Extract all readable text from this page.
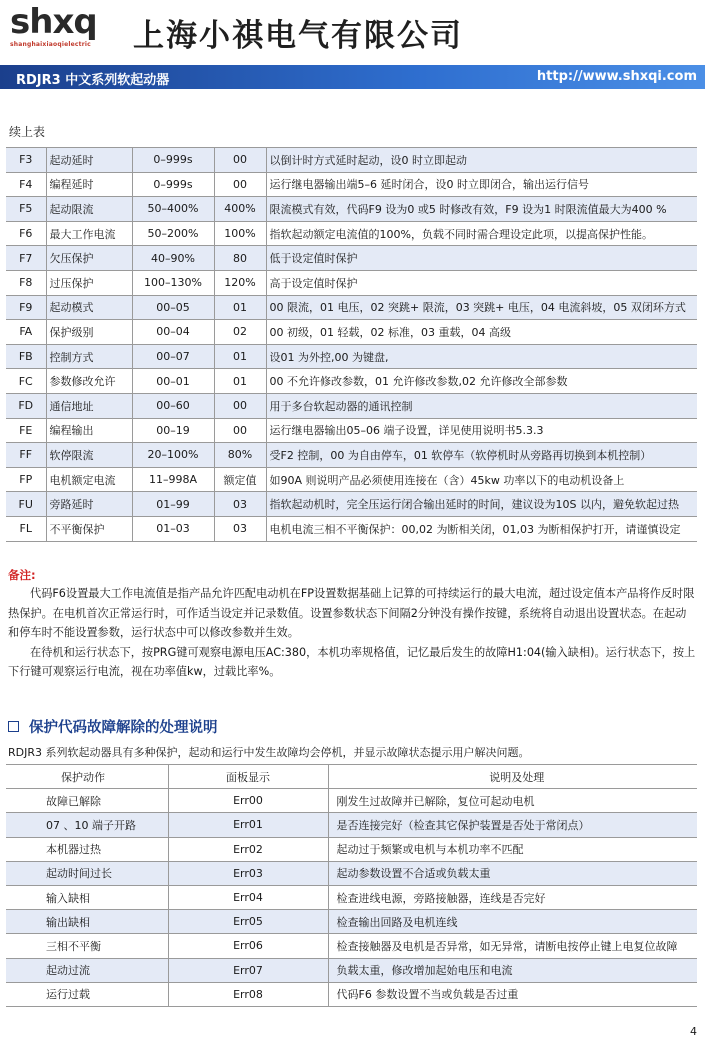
shxq
shanghaixiaoqielectric 上海小祺电气有限公司
RDJR3 中文系列软起动器	http://www.shxqi.com
续上表
F3	起动延时	0–999s	00	以倒计时方式延时起动，设0 时立即起动
F4	编程延时	0–999s	00	运行继电器输出端5–6 延时闭合，设0 时立即闭合，输出运行信号
F5	起动限流	50–400%	400%	限流模式有效，代码F9 设为0 或5 时修改有效，F9 设为1 时限流值最大为400 %
F6	最大工作电流	50–200%	100%	指软起动额定电流值的100%，负载不同时需合理设定此项，以提高保护性能。
F7	欠压保护	40–90%	80	低于设定值时保护
F8	过压保护	100–130%	120%	高于设定值时保护
F9	起动模式	00–05	01	00 限流，01 电压，02 突跳+ 限流，03 突跳+ 电压，04 电流斜坡，05 双闭环方式
FA	保护级别	00–04	02	00 初级，01 轻载，02 标准，03 重载，04 高级
FB	控制方式	00–07	01	设01 为外控,00 为键盘,
FC	参数修改允许	00–01	01	00 不允许修改参数，01 允许修改参数,02 允许修改全部参数
FD	通信地址	00–60	00	用于多台软起动器的通讯控制
FE	编程输出	00–19	00	运行继电器输出05–06 端子设置，详见使用说明书5.3.3
FF	软停限流	20–100%	80%	受F2 控制，00 为自由停车，01 软停车（软停机时从旁路再切换到本机控制）
FP	电机额定电流	11–998A	额定值	如90A 则说明产品必须使用连接在（含）45kw 功率以下的电动机设备上
FU	旁路延时	01–99	03	指软起动机时，完全压运行闭合输出延时的时间，建议设为10S 以内，避免软起过热
FL	不平衡保护	01–03	03	电机电流三相不平衡保护：00,02 为断相关闭，01,03 为断相保护打开，请谨慎设定
备注:

代码F6设置最大工作电流值是指产品允许匹配电动机在FP设置数据基础上记算的可持续运行的最大电流，超过设定值本产品将作反时限热保护。在电机首次正常运行时，可作适当设定并记录数值。设置参数状态下间隔2分钟没有操作按键，系统将自动退出设置状态。在起动和停车时不能设置参数，运行状态中可以修改参数并生效。

在待机和运行状态下，按PRG键可观察电源电压AC:380，本机功率规格值，记忆最后发生的故障H1:04(输入缺相)。运行状态下，按上下行键可观察运行电流，视在功率值kw，过载比率%。

保护代码故障解除的处理说明
RDJR3 系列软起动器具有多种保护，起动和运行中发生故障均会停机，并显示故障状态提示用户解决问题。
保护动作	面板显示	说明及处理
故障已解除	Err00	刚发生过故障并已解除，复位可起动电机
07 、10 端子开路	Err01	是否连接完好（检查其它保护装置是否处于常闭点）
本机器过热	Err02	起动过于频繁或电机与本机功率不匹配
起动时间过长	Err03	起动参数设置不合适或负载太重
输入缺相	Err04	检查进线电源，旁路接触器，连线是否完好
输出缺相	Err05	检查输出回路及电机连线
三相不平衡	Err06	检查接触器及电机是否异常，如无异常，请断电按停止键上电复位故障
起动过流	Err07	负载太重，修改增加起始电压和电流
运行过载	Err08	代码F6 参数设置不当或负载是否过重
4
